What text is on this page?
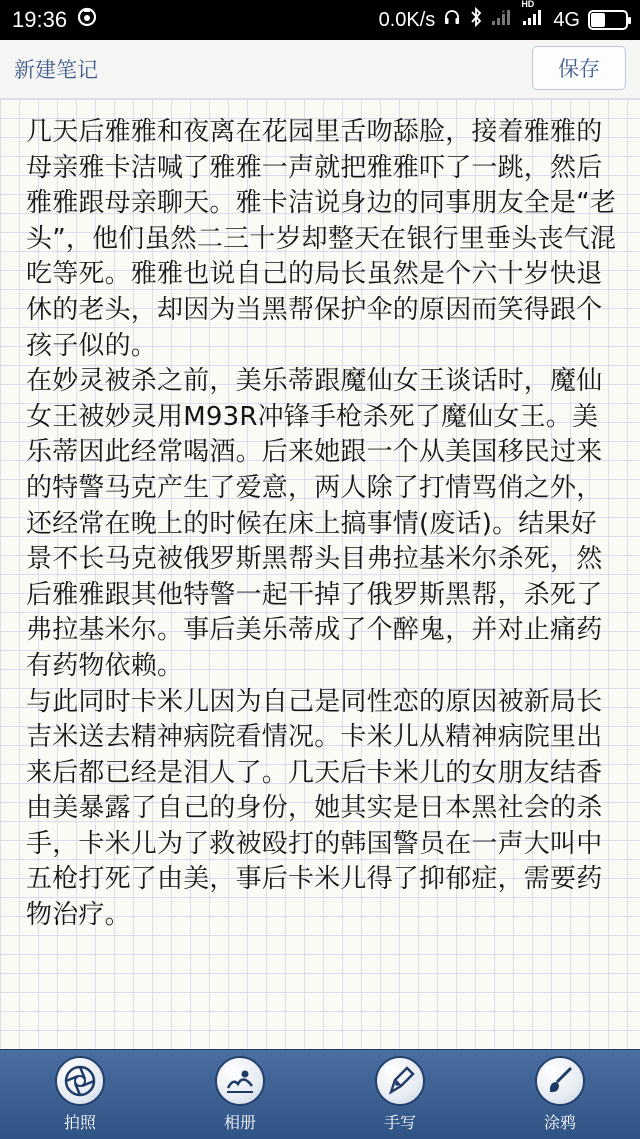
19:36	0.0K/s	x
HD
4G 5
新建笔记	保存
几天后雅雅和夜离在花园里舌吻舔脸，接着雅雅的母亲雅卡洁喊了雅雅一声就把雅雅吓了一跳，然后雅雅跟母亲聊天。雅卡洁说身边的同事朋友全是“老头”，他们虽然二三十岁却整天在银行里垂头丧气混吃等死。雅雅也说自己的局长虽然是个六十岁快退休的老头，却因为当黑帮保护伞的原因而笑得跟个孩子似的。
在妙灵被杀之前，美乐蒂跟魔仙女王谈话时，魔仙女王被妙灵用M93R冲锋手枪杀死了魔仙女王。美乐蒂因此经常喝酒。后来她跟一个从美国移民过来的特警马克产生了爱意，两人除了打情骂俏之外，还经常在晚上的时候在床上搞事情(废话)。结果好景不长马克被俄罗斯黑帮头目弗拉基米尔杀死，然后雅雅跟其他特警一起干掉了俄罗斯黑帮，杀死了弗拉基米尔。事后美乐蒂成了个醉鬼，并对止痛药有药物依赖。
与此同时卡米儿因为自己是同性恋的原因被新局长吉米送去精神病院看情况。卡米儿从精神病院里出来后都已经是泪人了。几天后卡米儿的女朋友结香由美暴露了自己的身份，她其实是日本黑社会的杀手，卡米儿为了救被殴打的韩国警员在一声大叫中五枪打死了由美，事后卡米儿得了抑郁症，需要药物治疗。
拍照	相册	手写	涂鸦
